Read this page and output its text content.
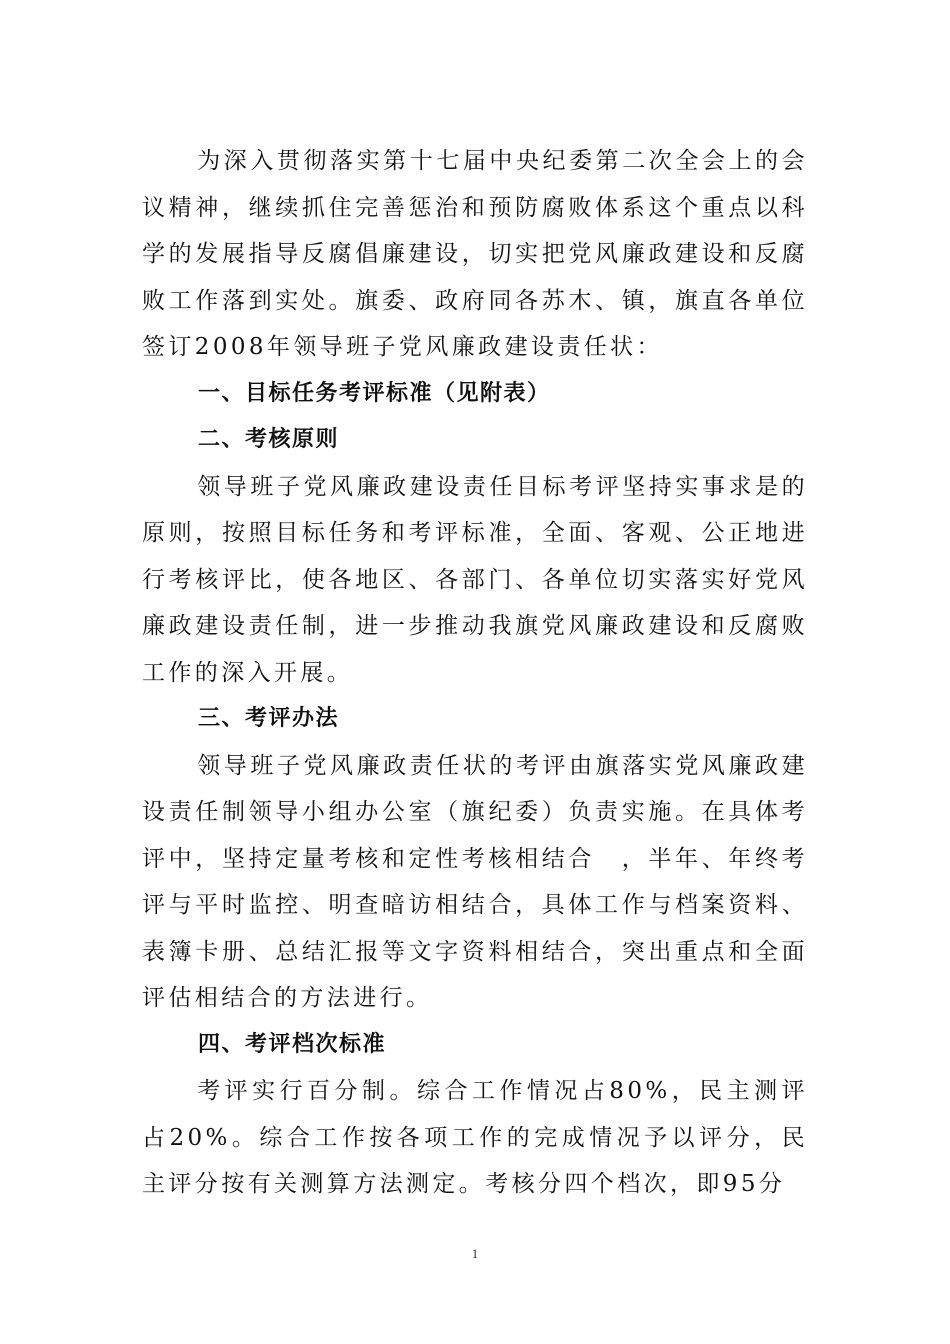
为深入贯彻落实第十七届中央纪委第二次全会上的会议精神，继续抓住完善惩治和预防腐败体系这个重点以科学的发展指导反腐倡廉建设，切实把党风廉政建设和反腐败工作落到实处。旗委、政府同各苏木、镇，旗直各单位签订2008年领导班子党风廉政建设责任状：

一、目标任务考评标准（见附表）

二、考核原则

领导班子党风廉政建设责任目标考评坚持实事求是的原则，按照目标任务和考评标准，全面、客观、公正地进行考核评比，使各地区、各部门、各单位切实落实好党风廉政建设责任制，进一步推动我旗党风廉政建设和反腐败工作的深入开展。

三、考评办法

领导班子党风廉政责任状的考评由旗落实党风廉政建设责任制领导小组办公室（旗纪委）负责实施。在具体考评中，坚持定量考核和定性考核相结合　，半年、年终考评与平时监控、明查暗访相结合，具体工作与档案资料、表簿卡册、总结汇报等文字资料相结合，突出重点和全面评估相结合的方法进行。

四、考评档次标准

考评实行百分制。综合工作情况占80%，民主测评占20%。综合工作按各项工作的完成情况予以评分，民主评分按有关测算方法测定。考核分四个档次，即95分

1
